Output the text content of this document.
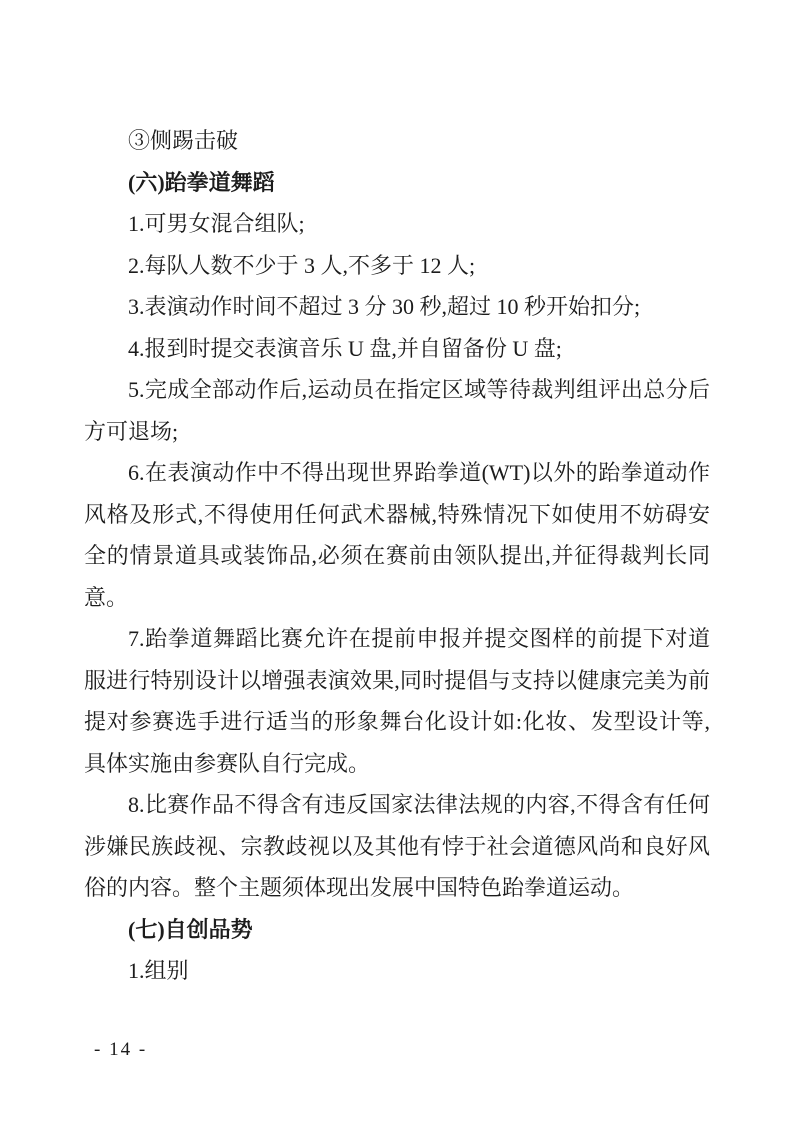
③侧踢击破

(六)跆拳道舞蹈

1.可男女混合组队;

2.每队人数不少于 3 人,不多于 12 人;

3.表演动作时间不超过 3 分 30 秒,超过 10 秒开始扣分;

4.报到时提交表演音乐 U 盘,并自留备份 U 盘;

5.完成全部动作后,运动员在指定区域等待裁判组评出总分后方可退场;

6.在表演动作中不得出现世界跆拳道(WT)以外的跆拳道动作风格及形式,不得使用任何武术器械,特殊情况下如使用不妨碍安全的情景道具或装饰品,必须在赛前由领队提出,并征得裁判长同意。

7.跆拳道舞蹈比赛允许在提前申报并提交图样的前提下对道服进行特别设计以增强表演效果,同时提倡与支持以健康完美为前提对参赛选手进行适当的形象舞台化设计如:化妆、发型设计等,具体实施由参赛队自行完成。

8.比赛作品不得含有违反国家法律法规的内容,不得含有任何涉嫌民族歧视、宗教歧视以及其他有悖于社会道德风尚和良好风俗的内容。整个主题须体现出发展中国特色跆拳道运动。

(七)自创品势

1.组别

- 14 -
